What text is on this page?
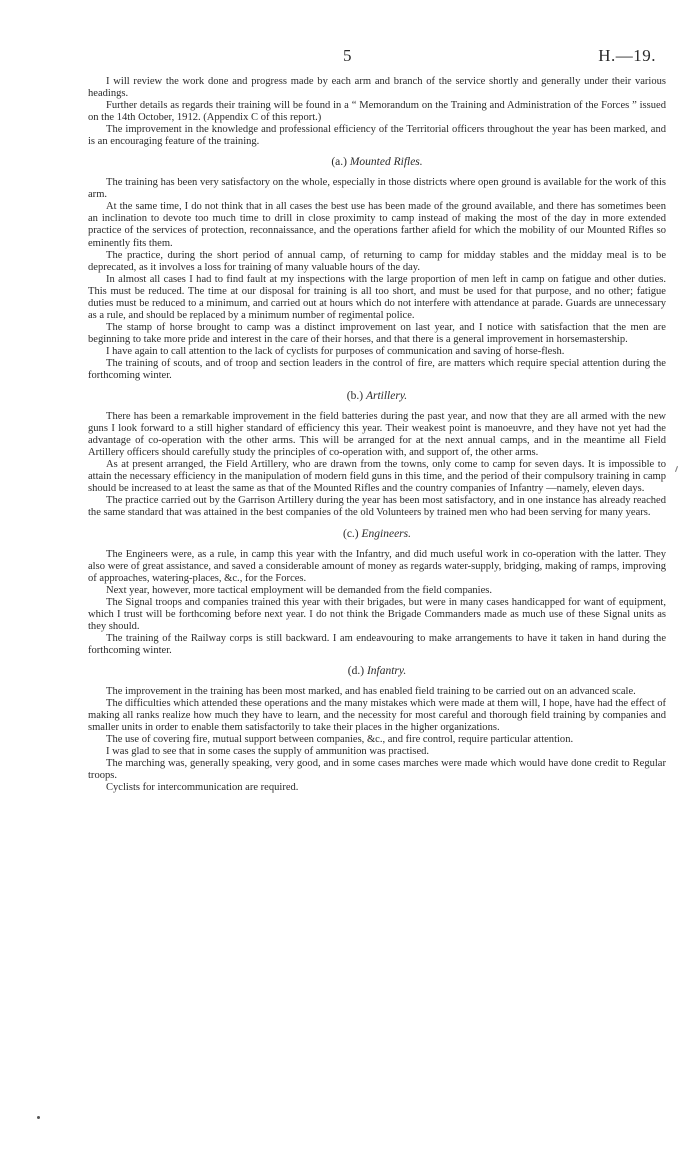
5	H.—19.

I will review the work done and progress made by each arm and branch of the service shortly and generally under their various headings.

Further details as regards their training will be found in a “ Memorandum on the Training and Administration of the Forces ” issued on the 14th October, 1912. (Appendix C of this report.)

The improvement in the knowledge and professional efficiency of the Territorial officers throughout the year has been marked, and is an encouraging feature of the training.

(a.) Mounted Rifles.

The training has been very satisfactory on the whole, especially in those districts where open ground is available for the work of this arm.

At the same time, I do not think that in all cases the best use has been made of the ground available, and there has sometimes been an inclination to devote too much time to drill in close proximity to camp instead of making the most of the day in more extended practice of the services of protection, reconnaissance, and the operations farther afield for which the mobility of our Mounted Rifles so eminently fits them.

The practice, during the short period of annual camp, of returning to camp for midday stables and the midday meal is to be deprecated, as it involves a loss for training of many valuable hours of the day.

In almost all cases I had to find fault at my inspections with the large proportion of men left in camp on fatigue and other duties. This must be reduced. The time at our disposal for training is all too short, and must be used for that purpose, and no other; fatigue duties must be reduced to a minimum, and carried out at hours which do not interfere with attendance at parade. Guards are unnecessary as a rule, and should be replaced by a minimum number of regimental police.

The stamp of horse brought to camp was a distinct improvement on last year, and I notice with satisfaction that the men are beginning to take more pride and interest in the care of their horses, and that there is a general improvement in horsemastership.

I have again to call attention to the lack of cyclists for purposes of communication and saving of horse-flesh.

The training of scouts, and of troop and section leaders in the control of fire, are matters which require special attention during the forthcoming winter.

(b.) Artillery.

There has been a remarkable improvement in the field batteries during the past year, and now that they are all armed with the new guns I look forward to a still higher standard of efficiency this year. Their weakest point is manoeuvre, and they have not yet had the advantage of co-operation with the other arms. This will be arranged for at the next annual camps, and in the meantime all Field Artillery officers should carefully study the principles of co-operation with, and support of, the other arms.

As at present arranged, the Field Artillery, who are drawn from the towns, only come to camp for seven days. It is impossible to attain the necessary efficiency in the manipulation of modern field guns in this time, and the period of their compulsory training in camp should be increased to at least the same as that of the Mounted Rifles and the country companies of Infantry —namely, eleven days.

The practice carried out by the Garrison Artillery during the year has been most satisfactory, and in one instance has already reached the same standard that was attained in the best companies of the old Volunteers by trained men who had been serving for many years.

(c.) Engineers.

The Engineers were, as a rule, in camp this year with the Infantry, and did much useful work in co-operation with the latter. They also were of great assistance, and saved a considerable amount of money as regards water-supply, bridging, making of ramps, improving of approaches, watering-places, &c., for the Forces.

Next year, however, more tactical employment will be demanded from the field companies.

The Signal troops and companies trained this year with their brigades, but were in many cases handicapped for want of equipment, which I trust will be forthcoming before next year. I do not think the Brigade Commanders made as much use of these Signal units as they should.

The training of the Railway corps is still backward. I am endeavouring to make arrangements to have it taken in hand during the forthcoming winter.

(d.) Infantry.

The improvement in the training has been most marked, and has enabled field training to be carried out on an advanced scale.

The difficulties which attended these operations and the many mistakes which were made at them will, I hope, have had the effect of making all ranks realize how much they have to learn, and the necessity for most careful and thorough field training by companies and smaller units in order to enable them satisfactorily to take their places in the higher organizations.

The use of covering fire, mutual support between companies, &c., and fire control, require particular attention.

I was glad to see that in some cases the supply of ammunition was practised.

The marching was, generally speaking, very good, and in some cases marches were made which would have done credit to Regular troops.

Cyclists for intercommunication are required.
